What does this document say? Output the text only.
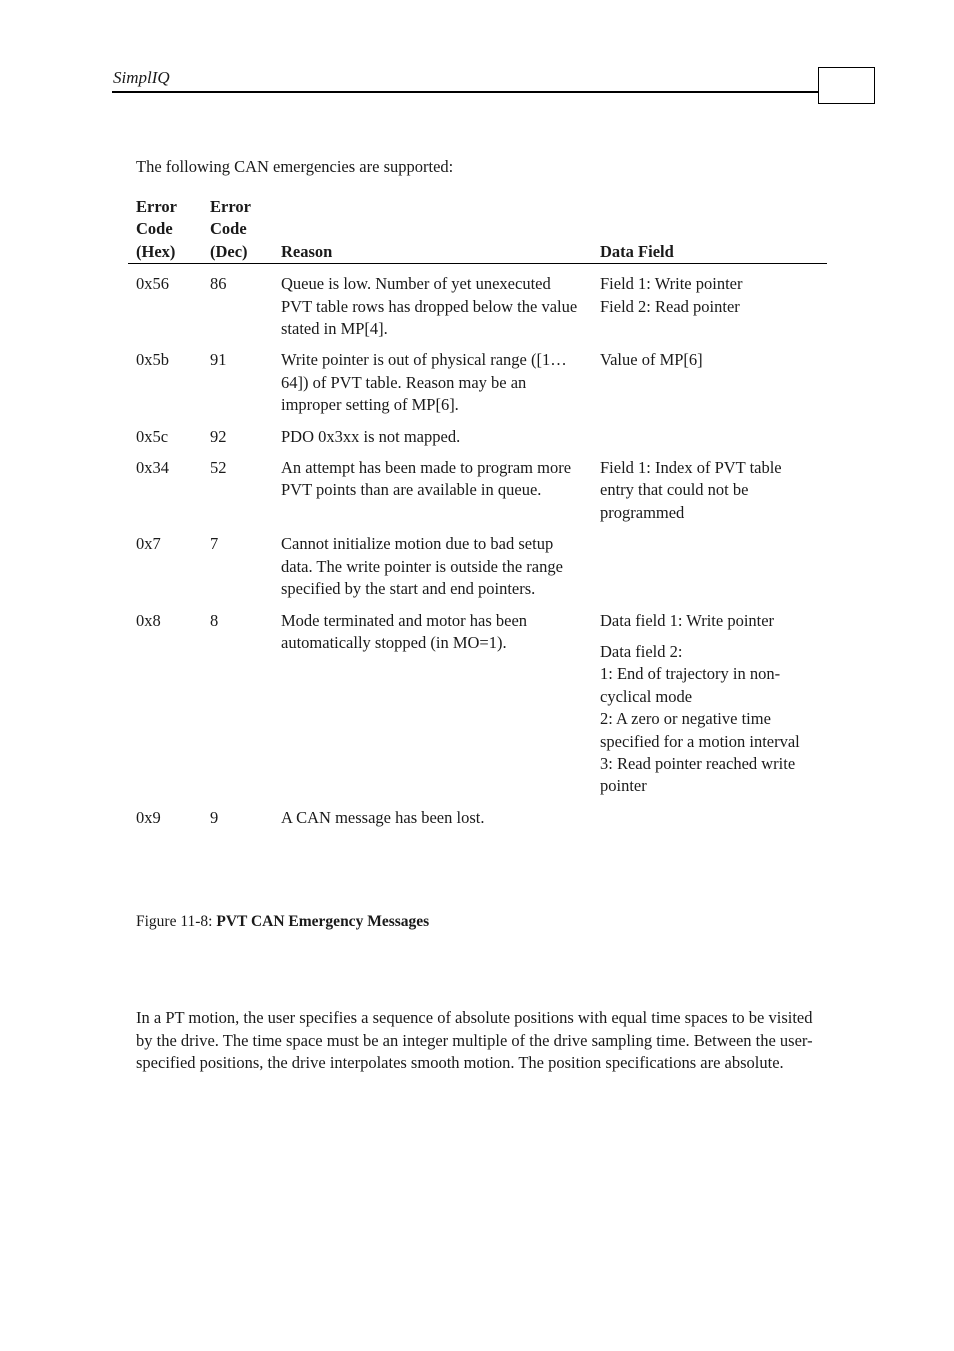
SimplIQ
The following CAN emergencies are supported:
Error
Code
(Hex)	Error
Code
(Dec)	Reason	Data Field
0x56	86	Queue is low. Number of yet unexecuted PVT table rows has dropped below the value stated in MP[4].	Field 1: Write pointer
Field 2: Read pointer

0x5b	91	Write pointer is out of physical range ([1…64]) of PVT table. Reason may be an improper setting of MP[6].	Value of MP[6]

0x5c	92	PDO 0x3xx is not mapped.	

0x34	52	An attempt has been made to program more PVT points than are available in queue.	Field 1: Index of PVT table entry that could not be programmed

0x7	7	Cannot initialize motion due to bad setup data. The write pointer is outside the range specified by the start and end pointers.	

0x8	8	Mode terminated and motor has been automatically stopped (in MO=1).	Data field 1: Write pointer
Data field 2:
1: End of trajectory in non-cyclical mode
2: A zero or negative time specified for a motion interval
3: Read pointer reached write pointer

0x9	9	A CAN message has been lost.	
Figure 11-8: PVT CAN Emergency Messages
In a PT motion, the user specifies a sequence of absolute positions with equal time spaces to be visited by the drive. The time space must be an integer multiple of the drive sampling time. Between the user-specified positions, the drive interpolates smooth motion. The position specifications are absolute.
